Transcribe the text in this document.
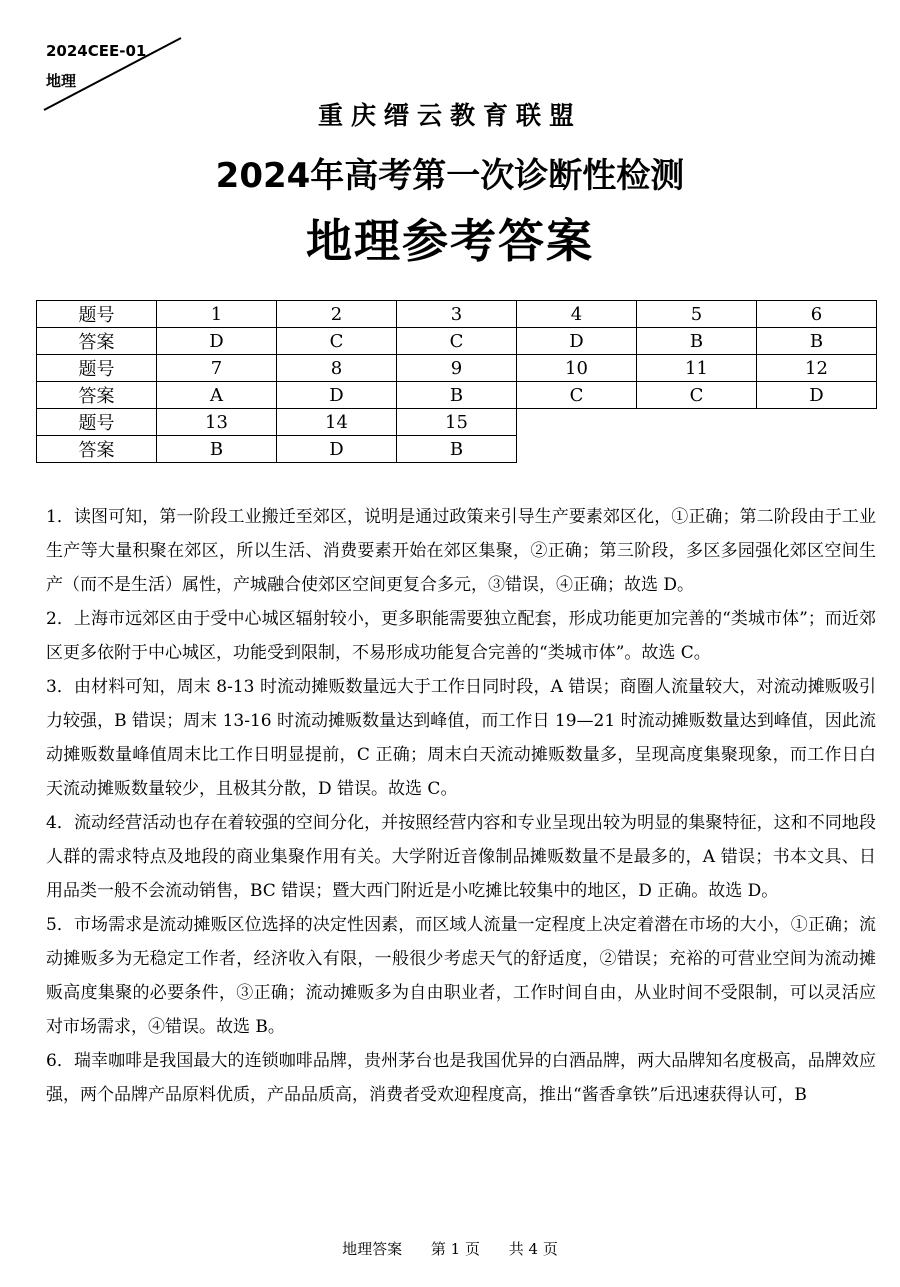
2024CEE-01
地理
重庆缙云教育联盟
2024年高考第一次诊断性检测
地理参考答案
题号	1	2	3	4	5	6
答案	D	C	C	D	B	B
题号	7	8	9	10	11	12
答案	A	D	B	C	C	D
题号	13	14	15			
答案	B	D	B			

1．读图可知，第一阶段工业搬迁至郊区，说明是通过政策来引导生产要素郊区化，①正确；第二阶段由于工业生产等大量积聚在郊区，所以生活、消费要素开始在郊区集聚，②正确；第三阶段，多区多园强化郊区空间生产（而不是生活）属性，产城融合使郊区空间更复合多元，③错误，④正确；故选 D。

2．上海市远郊区由于受中心城区辐射较小，更多职能需要独立配套，形成功能更加完善的“类城市体”；而近郊区更多依附于中心城区，功能受到限制，不易形成功能复合完善的“类城市体”。故选 C。

3．由材料可知，周末 8-13 时流动摊贩数量远大于工作日同时段，A 错误；商圈人流量较大，对流动摊贩吸引力较强，B 错误；周末 13-16 时流动摊贩数量达到峰值，而工作日 19—21 时流动摊贩数量达到峰值，因此流动摊贩数量峰值周末比工作日明显提前，C 正确；周末白天流动摊贩数量多，呈现高度集聚现象，而工作日白天流动摊贩数量较少，且极其分散，D 错误。故选 C。

4．流动经营活动也存在着较强的空间分化，并按照经营内容和专业呈现出较为明显的集聚特征，这和不同地段人群的需求特点及地段的商业集聚作用有关。大学附近音像制品摊贩数量不是最多的，A 错误；书本文具、日用品类一般不会流动销售，BC 错误；暨大西门附近是小吃摊比较集中的地区，D 正确。故选 D。

5．市场需求是流动摊贩区位选择的决定性因素，而区域人流量一定程度上决定着潜在市场的大小，①正确；流动摊贩多为无稳定工作者，经济收入有限，一般很少考虑天气的舒适度，②错误；充裕的可营业空间为流动摊贩高度集聚的必要条件，③正确；流动摊贩多为自由职业者，工作时间自由，从业时间不受限制，可以灵活应对市场需求，④错误。故选 B。

6．瑞幸咖啡是我国最大的连锁咖啡品牌，贵州茅台也是我国优异的白酒品牌，两大品牌知名度极高，品牌效应强，两个品牌产品原料优质，产品品质高，消费者受欢迎程度高，推出“酱香拿铁”后迅速获得认可，B

地理答案 第 1 页 共 4 页
